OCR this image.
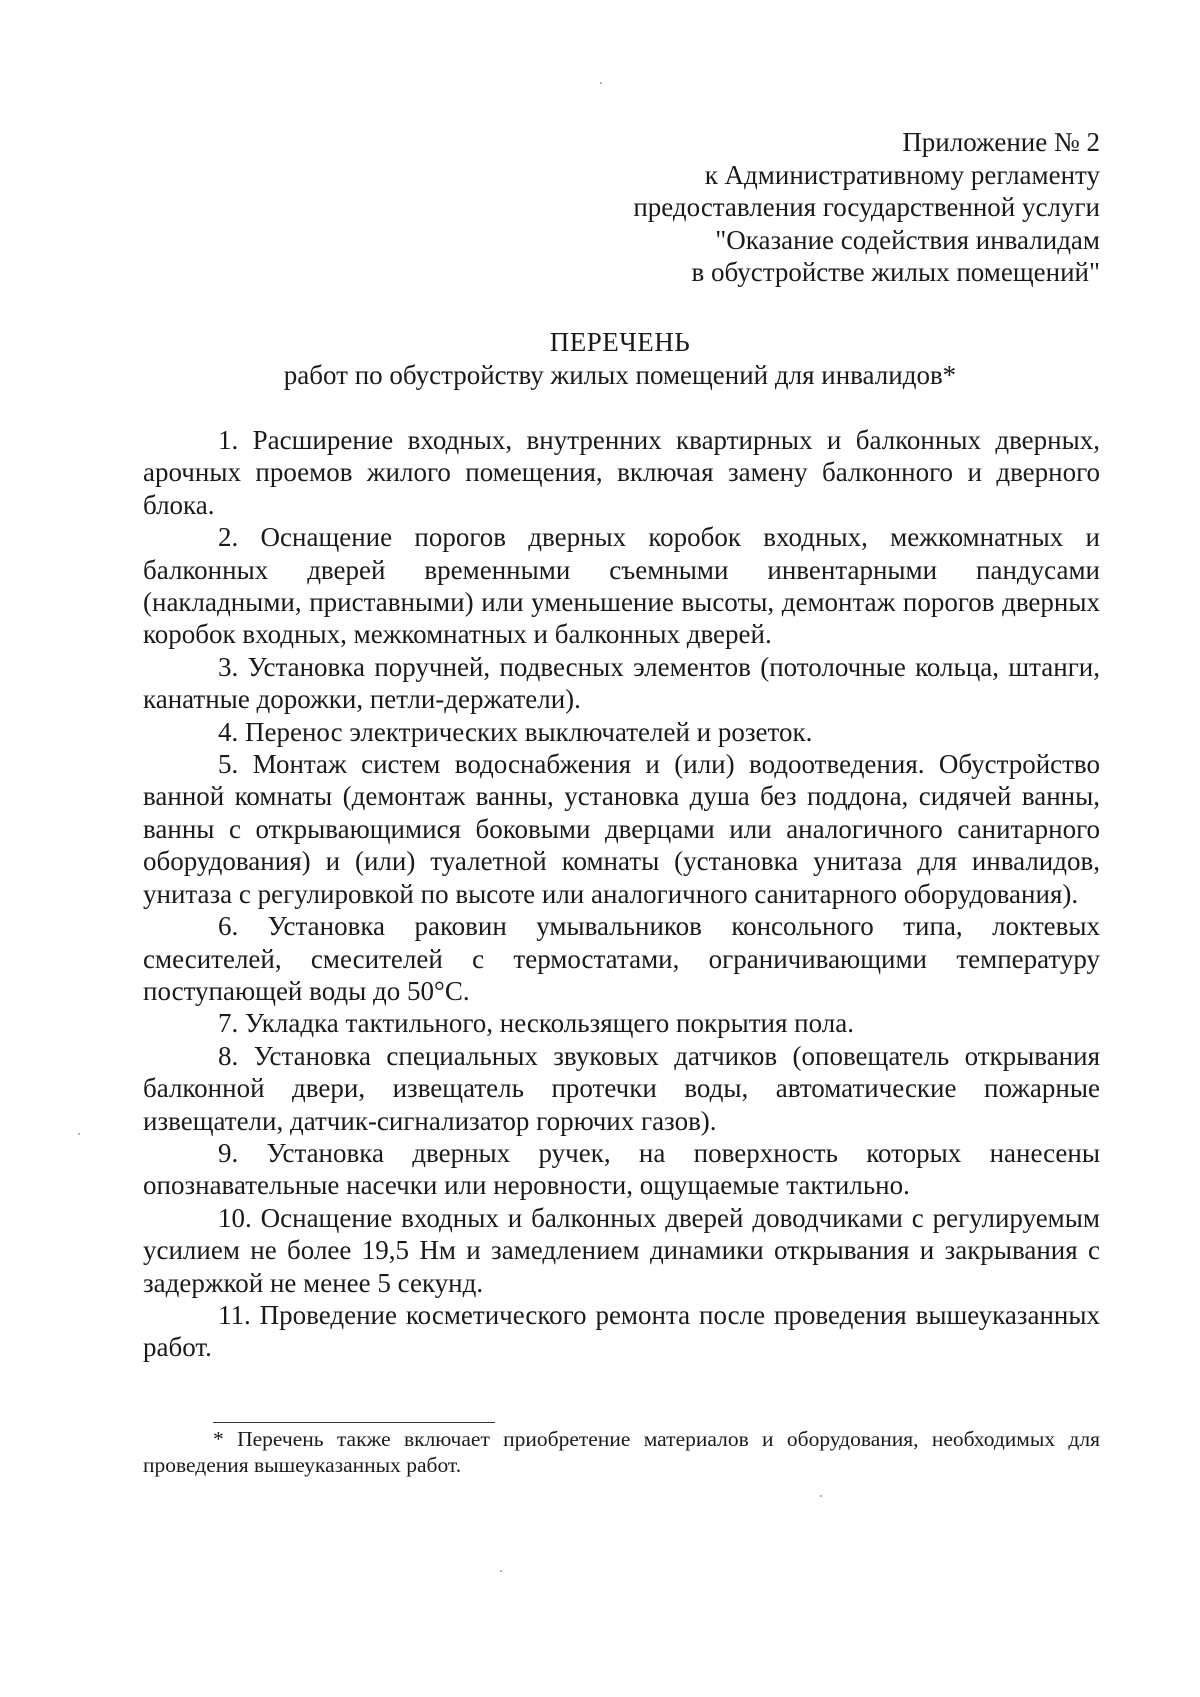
Приложение № 2
к Административному регламенту
предоставления государственной услуги
"Оказание содействия инвалидам
в обустройстве жилых помещений"
ПЕРЕЧЕНЬ
работ по обустройству жилых помещений для инвалидов*

1. Расширение входных, внутренних квартирных и балконных дверных, арочных проемов жилого помещения, включая замену балконного и дверного блока.

2. Оснащение порогов дверных коробок входных, межкомнатных и балконных дверей временными съемными инвентарными пандусами (накладными, приставными) или уменьшение высоты, демонтаж порогов дверных коробок входных, межкомнатных и балконных дверей.

3. Установка поручней, подвесных элементов (потолочные кольца, штанги, канатные дорожки, петли-держатели).

4. Перенос электрических выключателей и розеток.

5. Монтаж систем водоснабжения и (или) водоотведения. Обустройство ванной комнаты (демонтаж ванны, установка душа без поддона, сидячей ванны, ванны с открывающимися боковыми дверцами или аналогичного санитарного оборудования) и (или) туалетной комнаты (установка унитаза для инвалидов, унитаза с регулировкой по высоте или аналогичного санитарного оборудования).

6. Установка раковин умывальников консольного типа, локтевых смесителей, смесителей с термостатами, ограничивающими температуру поступающей воды до 50°С.

7. Укладка тактильного, нескользящего покрытия пола.

8. Установка специальных звуковых датчиков (оповещатель открывания балконной двери, извещатель протечки воды, автоматические пожарные извещатели, датчик-сигнализатор горючих газов).

9. Установка дверных ручек, на поверхность которых нанесены опознавательные насечки или неровности, ощущаемые тактильно.

10. Оснащение входных и балконных дверей доводчиками с регулируемым усилием не более 19,5 Нм и замедлением динамики открывания и закрывания с задержкой не менее 5 секунд.

11. Проведение косметического ремонта после проведения вышеуказанных работ.

* Перечень также включает приобретение материалов и оборудования, необходимых для проведения вышеуказанных работ.
